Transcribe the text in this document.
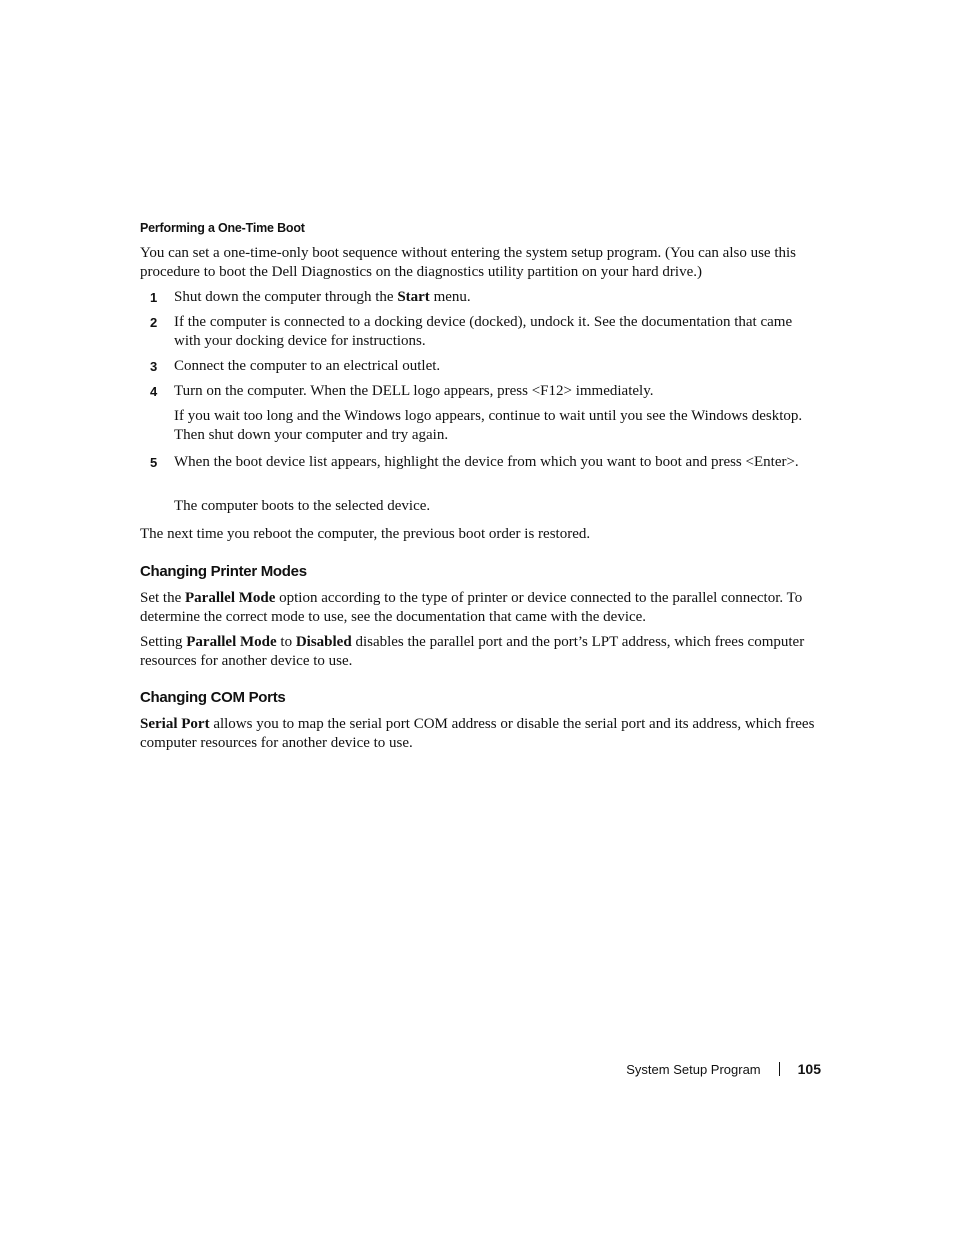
Performing a One-Time Boot

You can set a one-time-only boot sequence without entering the system setup program. (You can also use this procedure to boot the Dell Diagnostics on the diagnostics utility partition on your hard drive.)

1 Shut down the computer through the Start menu.
2 If the computer is connected to a docking device (docked), undock it. See the documentation that came with your docking device for instructions.
3 Connect the computer to an electrical outlet.
4 Turn on the computer. When the DELL logo appears, press <F12> immediately.
If you wait too long and the Windows logo appears, continue to wait until you see the Windows desktop. Then shut down your computer and try again.
5 When the boot device list appears, highlight the device from which you want to boot and press <Enter>.
The computer boots to the selected device.

The next time you reboot the computer, the previous boot order is restored.

Changing Printer Modes

Set the Parallel Mode option according to the type of printer or device connected to the parallel connector. To determine the correct mode to use, see the documentation that came with the device.

Setting Parallel Mode to Disabled disables the parallel port and the port’s LPT address, which frees computer resources for another device to use.

Changing COM Ports

Serial Port allows you to map the serial port COM address or disable the serial port and its address, which frees computer resources for another device to use.

System Setup Program	105
